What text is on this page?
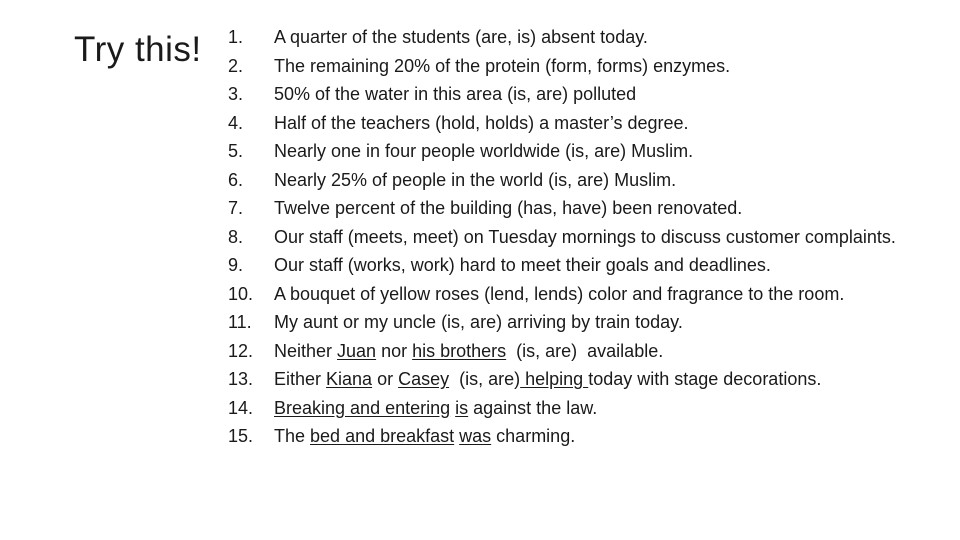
Try this! 1.	A quarter of the students (are, is) absent today.
2.	The remaining 20% of the protein (form, forms) enzymes.
3.	50% of the water in this area (is, are) polluted
4.	Half of the teachers (hold, holds) a master’s degree.
5.	Nearly one in four people worldwide (is, are) Muslim.
6.	Nearly 25% of people in the world (is, are) Muslim.
7.	Twelve percent of the building (has, have) been renovated.
8.	Our staff (meets, meet) on Tuesday mornings to discuss customer complaints.
9.	Our staff (works, work) hard to meet their goals and deadlines.
10.	A bouquet of yellow roses (lend, lends) color and fragrance to the room.
11.	My aunt or my uncle (is, are) arriving by train today.
12.	Neither Juan nor his brothers  (is, are)  available.
13.	Either Kiana or Casey  (is, are) helping today with stage decorations.
14.	Breaking and entering is against the law.
15.	The bed and breakfast was charming.
